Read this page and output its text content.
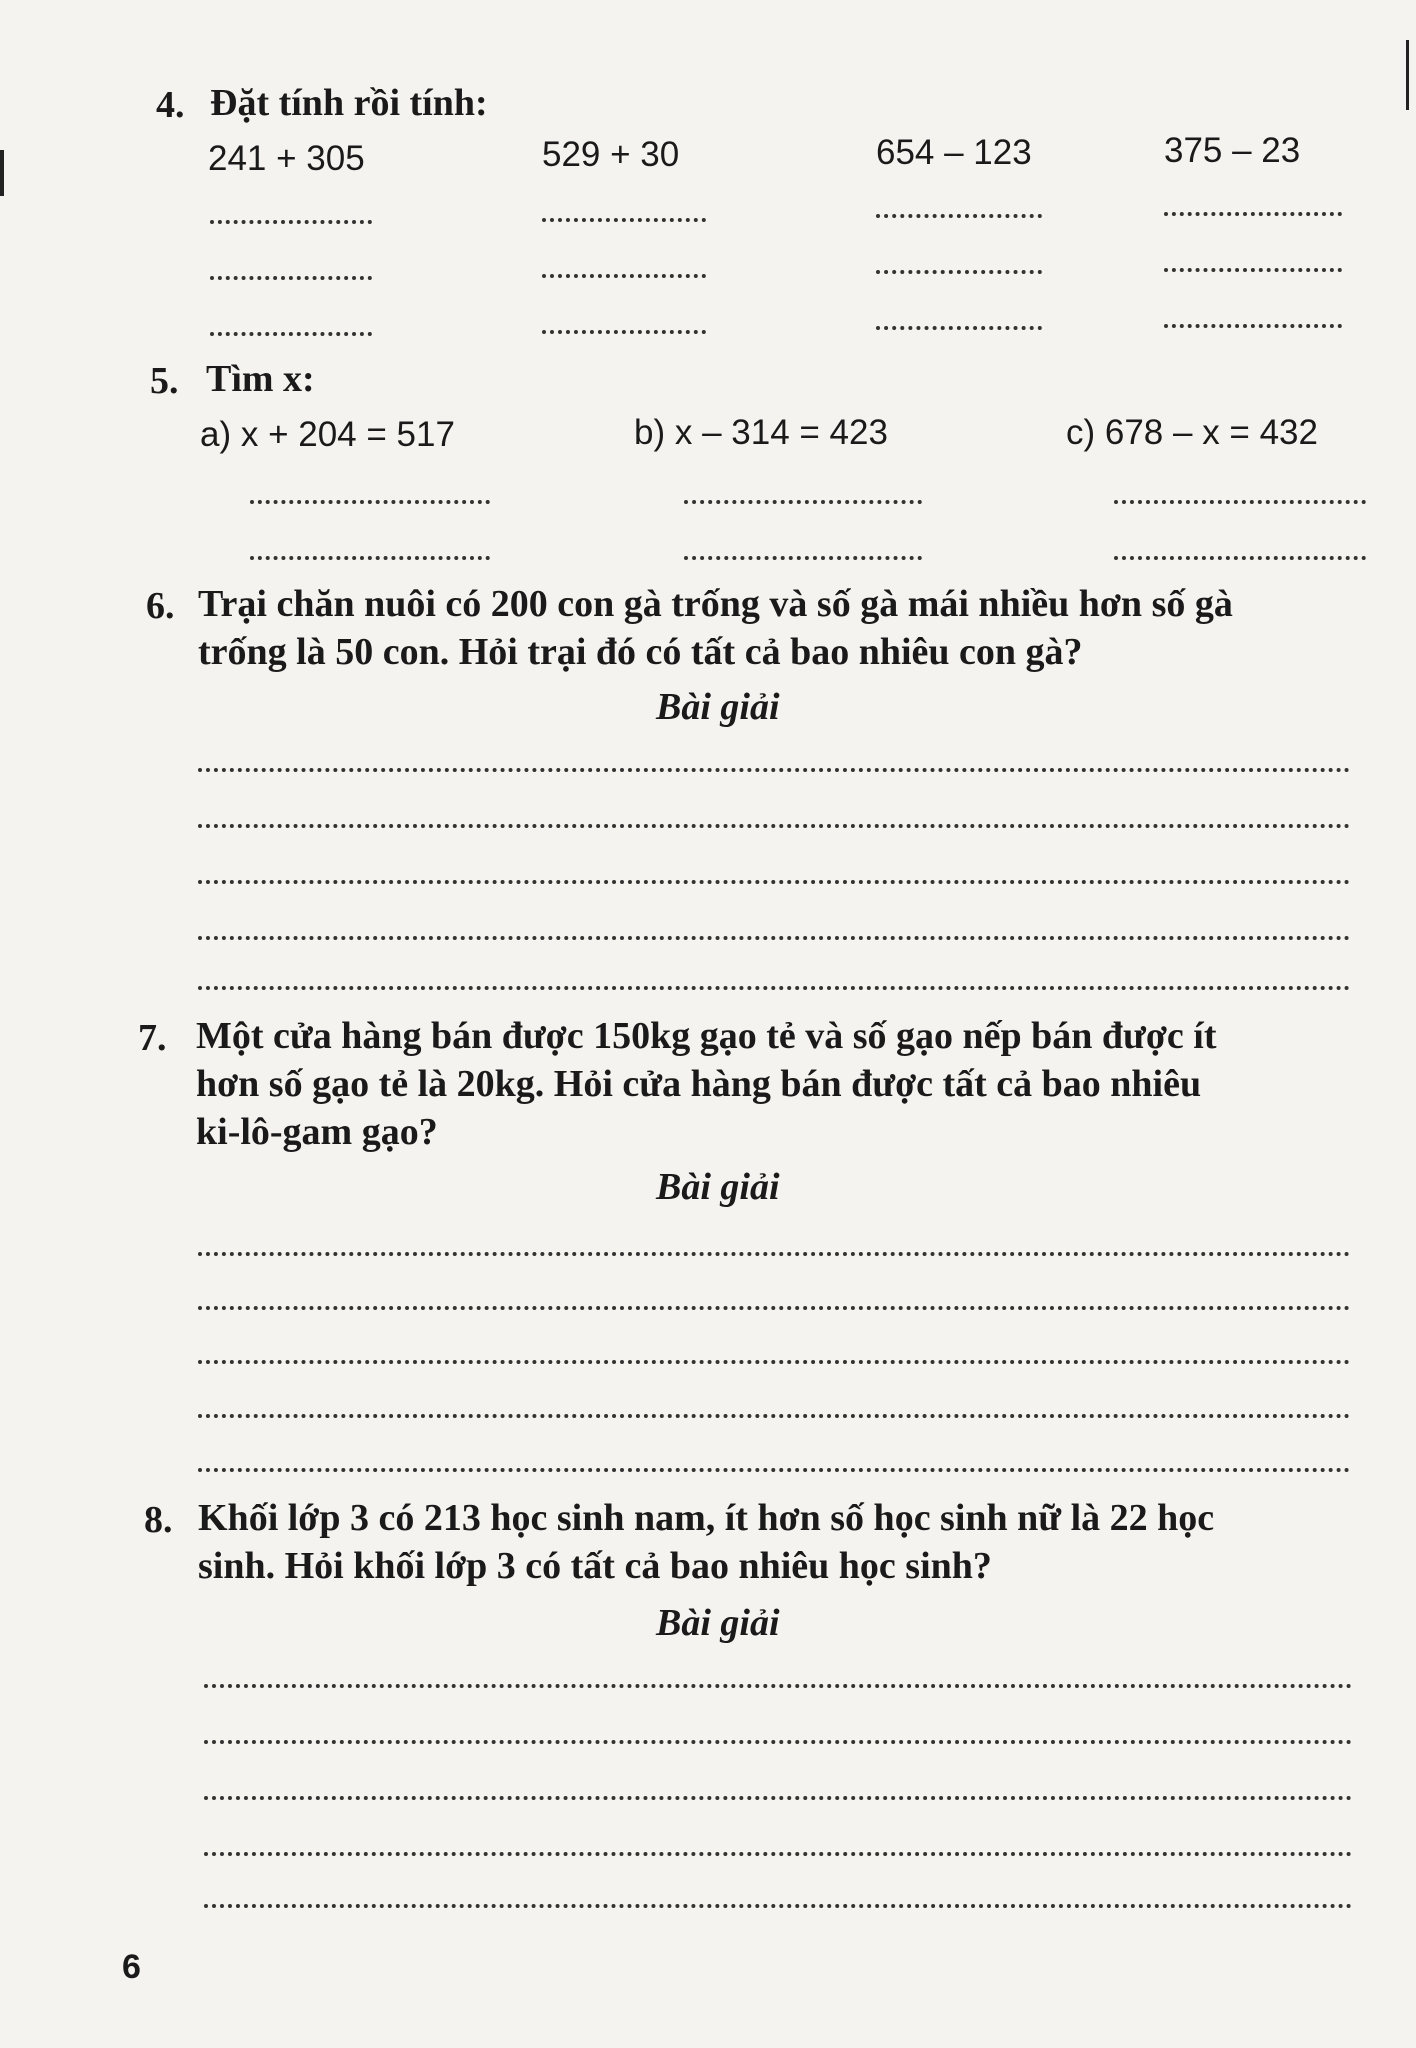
4. Đặt tính rồi tính:
241 + 305	529 + 30	654 – 123	375 – 23
5. Tìm x:
a) x + 204 = 517	b) x – 314 = 423	c) 678 – x = 432
6. Trại chăn nuôi có 200 con gà trống và số gà mái nhiều hơn số gà
trống là 50 con. Hỏi trại đó có tất cả bao nhiêu con gà?
Bài giải
7. Một cửa hàng bán được 150kg gạo tẻ và số gạo nếp bán được ít
hơn số gạo tẻ là 20kg. Hỏi cửa hàng bán được tất cả bao nhiêu
ki-lô-gam gạo?
Bài giải
8. Khối lớp 3 có 213 học sinh nam, ít hơn số học sinh nữ là 22 học
sinh. Hỏi khối lớp 3 có tất cả bao nhiêu học sinh?
Bài giải
6
